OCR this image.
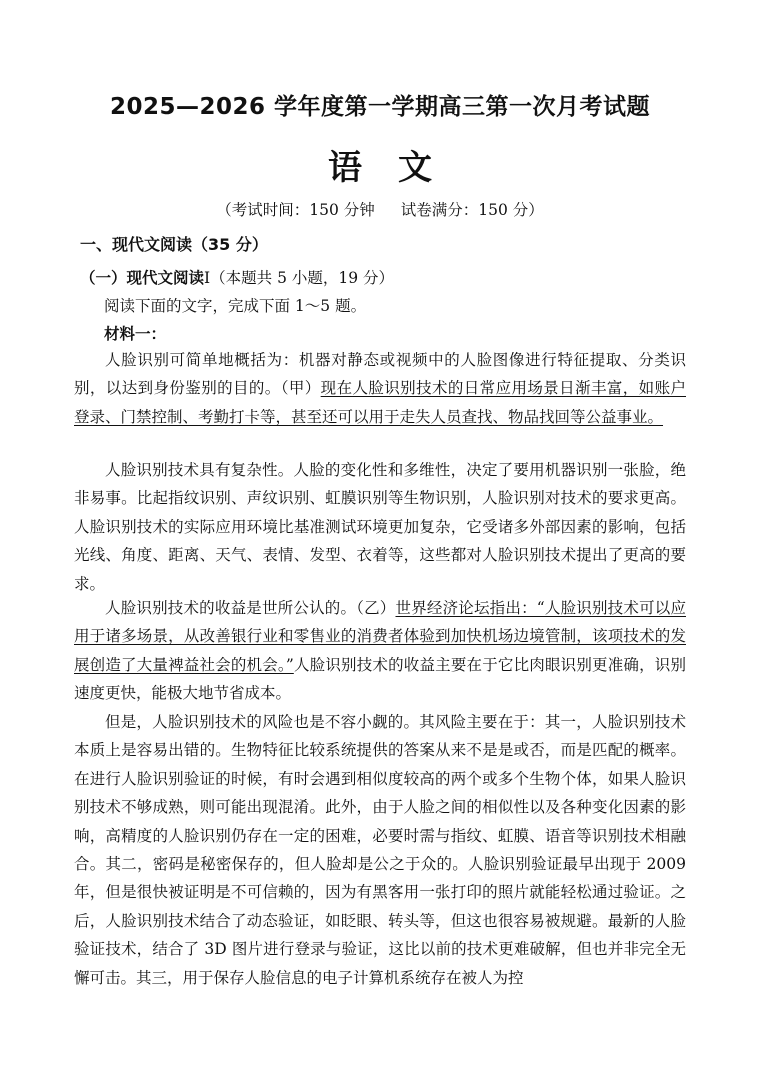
2025—2026 学年度第一学期高三第一次月考试题
语 文
（考试时间：150 分钟 试卷满分：150 分）
一、现代文阅读（35 分）
（一）现代文阅读Ⅰ（本题共 5 小题，19 分）
阅读下面的文字，完成下面 1～5 题。
材料一：

人脸识别可简单地概括为：机器对静态或视频中的人脸图像进行特征提取、分类识别，以达到身份鉴别的目的。（甲）现在人脸识别技术的日常应用场景日渐丰富，如账户登录、门禁控制、考勤打卡等，甚至还可以用于走失人员查找、物品找回等公益事业。

人脸识别技术具有复杂性。人脸的变化性和多维性，决定了要用机器识别一张脸，绝非易事。比起指纹识别、声纹识别、虹膜识别等生物识别，人脸识别对技术的要求更高。人脸识别技术的实际应用环境比基准测试环境更加复杂，它受诸多外部因素的影响，包括光线、角度、距离、天气、表情、发型、衣着等，这些都对人脸识别技术提出了更高的要求。

人脸识别技术的收益是世所公认的。（乙）世界经济论坛指出：“人脸识别技术可以应用于诸多场景，从改善银行业和零售业的消费者体验到加快机场边境管制，该项技术的发展创造了大量裨益社会的机会。”人脸识别技术的收益主要在于它比肉眼识别更准确，识别速度更快，能极大地节省成本。

但是，人脸识别技术的风险也是不容小觑的。其风险主要在于：其一，人脸识别技术本质上是容易出错的。生物特征比较系统提供的答案从来不是是或否，而是匹配的概率。在进行人脸识别验证的时候，有时会遇到相似度较高的两个或多个生物个体，如果人脸识别技术不够成熟，则可能出现混淆。此外，由于人脸之间的相似性以及各种变化因素的影响，高精度的人脸识别仍存在一定的困难，必要时需与指纹、虹膜、语音等识别技术相融合。其二，密码是秘密保存的，但人脸却是公之于众的。人脸识别验证最早出现于 2009 年，但是很快被证明是不可信赖的，因为有黑客用一张打印的照片就能轻松通过验证。之后，人脸识别技术结合了动态验证，如眨眼、转头等，但这也很容易被规避。最新的人脸验证技术，结合了 3D 图片进行登录与验证，这比以前的技术更难破解，但也并非完全无懈可击。其三，用于保存人脸信息的电子计算机系统存在被人为控
